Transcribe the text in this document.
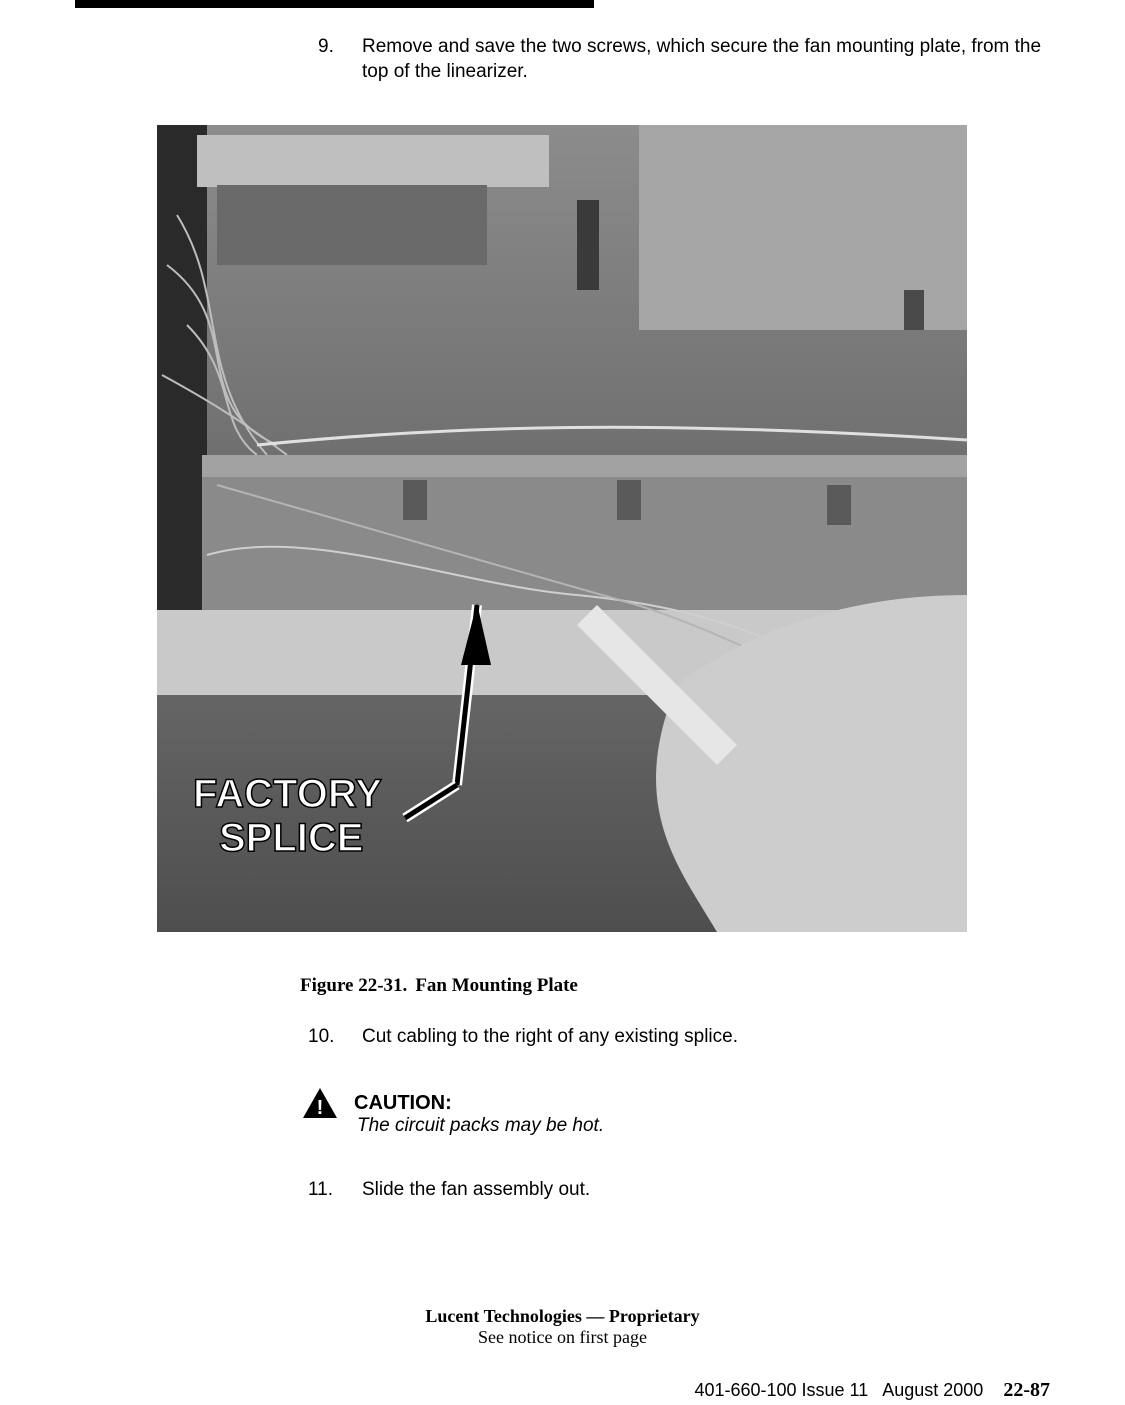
9. Remove and save the two screws, which secure the fan mounting plate, from the top of the linearizer.
FACTORY
SPLICE
Figure 22-31. Fan Mounting Plate
10. Cut cabling to the right of any existing splice.
! CAUTION:
The circuit packs may be hot.
11. Slide the fan assembly out.
Lucent Technologies — Proprietary
See notice on first page
401-660-100 Issue 11 August 2000 22-87
